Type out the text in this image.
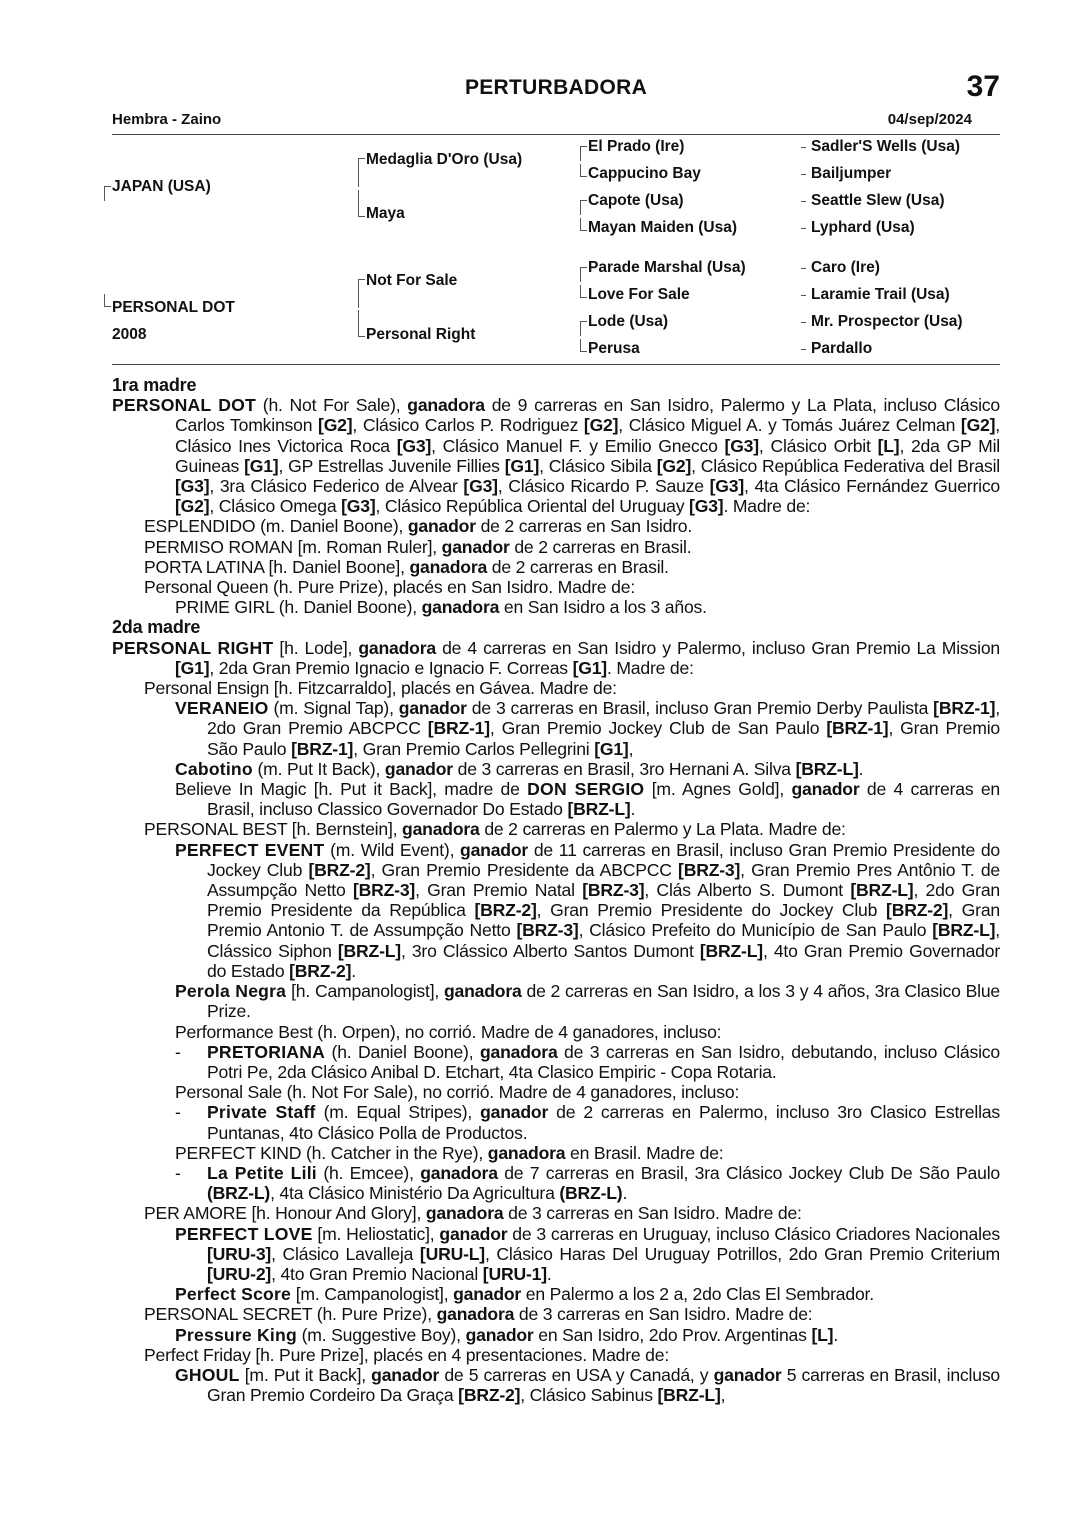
PERTURBADORA	37
Hembra - Zaino	04/sep/2024
JAPAN (USA)
PERSONAL DOT
2008
Medaglia D'Oro (Usa)
Maya
Not For Sale
Personal Right
El Prado (Ire)
Cappucino Bay
Capote (Usa)
Mayan Maiden (Usa)
Parade Marshal (Usa)
Love For Sale
Lode (Usa)
Perusa
Sadler'S Wells (Usa)
Bailjumper
Seattle Slew (Usa)
Lyphard (Usa)
Caro (Ire)
Laramie Trail (Usa)
Mr. Prospector (Usa)
Pardallo
1ra madre

PERSONAL DOT (h. Not For Sale), ganadora de 9 carreras en San Isidro, Palermo y La Plata, incluso Clásico Carlos Tomkinson [G2], Clásico Carlos P. Rodriguez [G2], Clásico Miguel A. y Tomás Juárez Celman [G2], Clásico Ines Victorica Roca [G3], Clásico Manuel F. y Emilio Gnecco [G3], Clásico Orbit [L], 2da GP Mil Guineas [G1], GP Estrellas Juvenile Fillies [G1], Clásico Sibila [G2], Clásico República Federativa del Brasil [G3], 3ra Clásico Federico de Alvear [G3], Clásico Ricardo P. Sauze [G3], 4ta Clásico Fernández Guerrico [G2], Clásico Omega [G3], Clásico República Oriental del Uruguay [G3]. Madre de:

ESPLENDIDO (m. Daniel Boone), ganador de 2 carreras en San Isidro.

PERMISO ROMAN [m. Roman Ruler], ganador de 2 carreras en Brasil.

PORTA LATINA [h. Daniel Boone], ganadora de 2 carreras en Brasil.

Personal Queen (h. Pure Prize), placés en San Isidro. Madre de:

PRIME GIRL (h. Daniel Boone), ganadora en San Isidro a los 3 años.

2da madre

PERSONAL RIGHT [h. Lode], ganadora de 4 carreras en San Isidro y Palermo, incluso Gran Premio La Mission [G1], 2da Gran Premio Ignacio e Ignacio F. Correas [G1]. Madre de:

Personal Ensign [h. Fitzcarraldo], placés en Gávea. Madre de:

VERANEIO (m. Signal Tap), ganador de 3 carreras en Brasil, incluso Gran Premio Derby Paulista [BRZ-1], 2do Gran Premio ABCPCC [BRZ-1], Gran Premio Jockey Club de San Paulo [BRZ-1], Gran Premio São Paulo [BRZ-1], Gran Premio Carlos Pellegrini [G1],

Cabotino (m. Put It Back), ganador de 3 carreras en Brasil, 3ro Hernani A. Silva [BRZ-L].

Believe In Magic [h. Put it Back], madre de DON SERGIO [m. Agnes Gold], ganador de 4 carreras en Brasil, incluso Classico Governador Do Estado [BRZ-L].

PERSONAL BEST [h. Bernstein], ganadora de 2 carreras en Palermo y La Plata. Madre de:

PERFECT EVENT (m. Wild Event), ganador de 11 carreras en Brasil, incluso Gran Premio Presidente do Jockey Club [BRZ-2], Gran Premio Presidente da ABCPCC [BRZ-3], Gran Premio Pres Antônio T. de Assumpção Netto [BRZ-3], Gran Premio Natal [BRZ-3], Clás Alberto S. Dumont [BRZ-L], 2do Gran Premio Presidente da República [BRZ-2], Gran Premio Presidente do Jockey Club [BRZ-2], Gran Premio Antonio T. de Assumpção Netto [BRZ-3], Clásico Prefeito do Município de San Paulo [BRZ-L], Clássico Siphon [BRZ-L], 3ro Clássico Alberto Santos Dumont [BRZ-L], 4to Gran Premio Governador do Estado [BRZ-2].

Perola Negra [h. Campanologist], ganadora de 2 carreras en San Isidro, a los 3 y 4 años, 3ra Clasico Blue Prize.

Performance Best (h. Orpen), no corrió. Madre de 4 ganadores, incluso:

- PRETORIANA (h. Daniel Boone), ganadora de 3 carreras en San Isidro, debutando, incluso Clásico Potri Pe, 2da Clásico Anibal D. Etchart, 4ta Clasico Empiric - Copa Rotaria.

Personal Sale (h. Not For Sale), no corrió. Madre de 4 ganadores, incluso:

- Private Staff (m. Equal Stripes), ganador de 2 carreras en Palermo, incluso 3ro Clasico Estrellas Puntanas, 4to Clásico Polla de Productos.

PERFECT KIND (h. Catcher in the Rye), ganadora en Brasil. Madre de:

- La Petite Lili (h. Emcee), ganadora de 7 carreras en Brasil, 3ra Clásico Jockey Club De São Paulo (BRZ-L), 4ta Clásico Ministério Da Agricultura (BRZ-L).

PER AMORE [h. Honour And Glory], ganadora de 3 carreras en San Isidro. Madre de:

PERFECT LOVE [m. Heliostatic], ganador de 3 carreras en Uruguay, incluso Clásico Criadores Nacionales [URU-3], Clásico Lavalleja [URU-L], Clásico Haras Del Uruguay Potrillos, 2do Gran Premio Criterium [URU-2], 4to Gran Premio Nacional [URU-1].

Perfect Score [m. Campanologist], ganador en Palermo a los 2 a, 2do Clas El Sembrador.

PERSONAL SECRET (h. Pure Prize), ganadora de 3 carreras en San Isidro. Madre de:

Pressure King (m. Suggestive Boy), ganador en San Isidro, 2do Prov. Argentinas [L].

Perfect Friday [h. Pure Prize], placés en 4 presentaciones. Madre de:

GHOUL [m. Put it Back], ganador de 5 carreras en USA y Canadá, y ganador 5 carreras en Brasil, incluso Gran Premio Cordeiro Da Graça [BRZ-2], Clásico Sabinus [BRZ-L],
